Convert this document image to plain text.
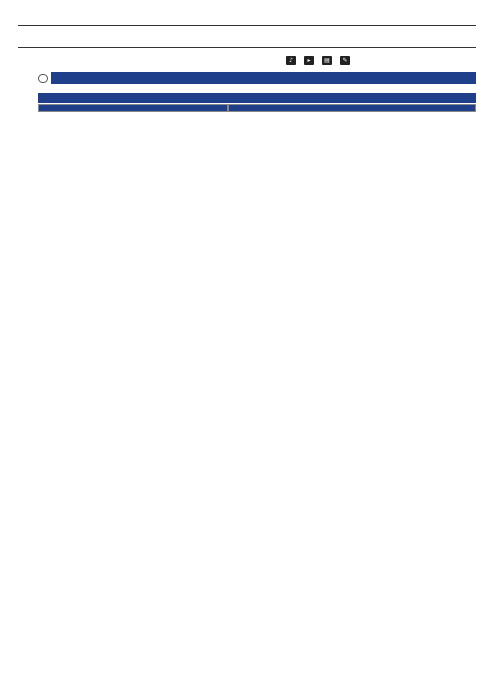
♪	▸	▤	✎
